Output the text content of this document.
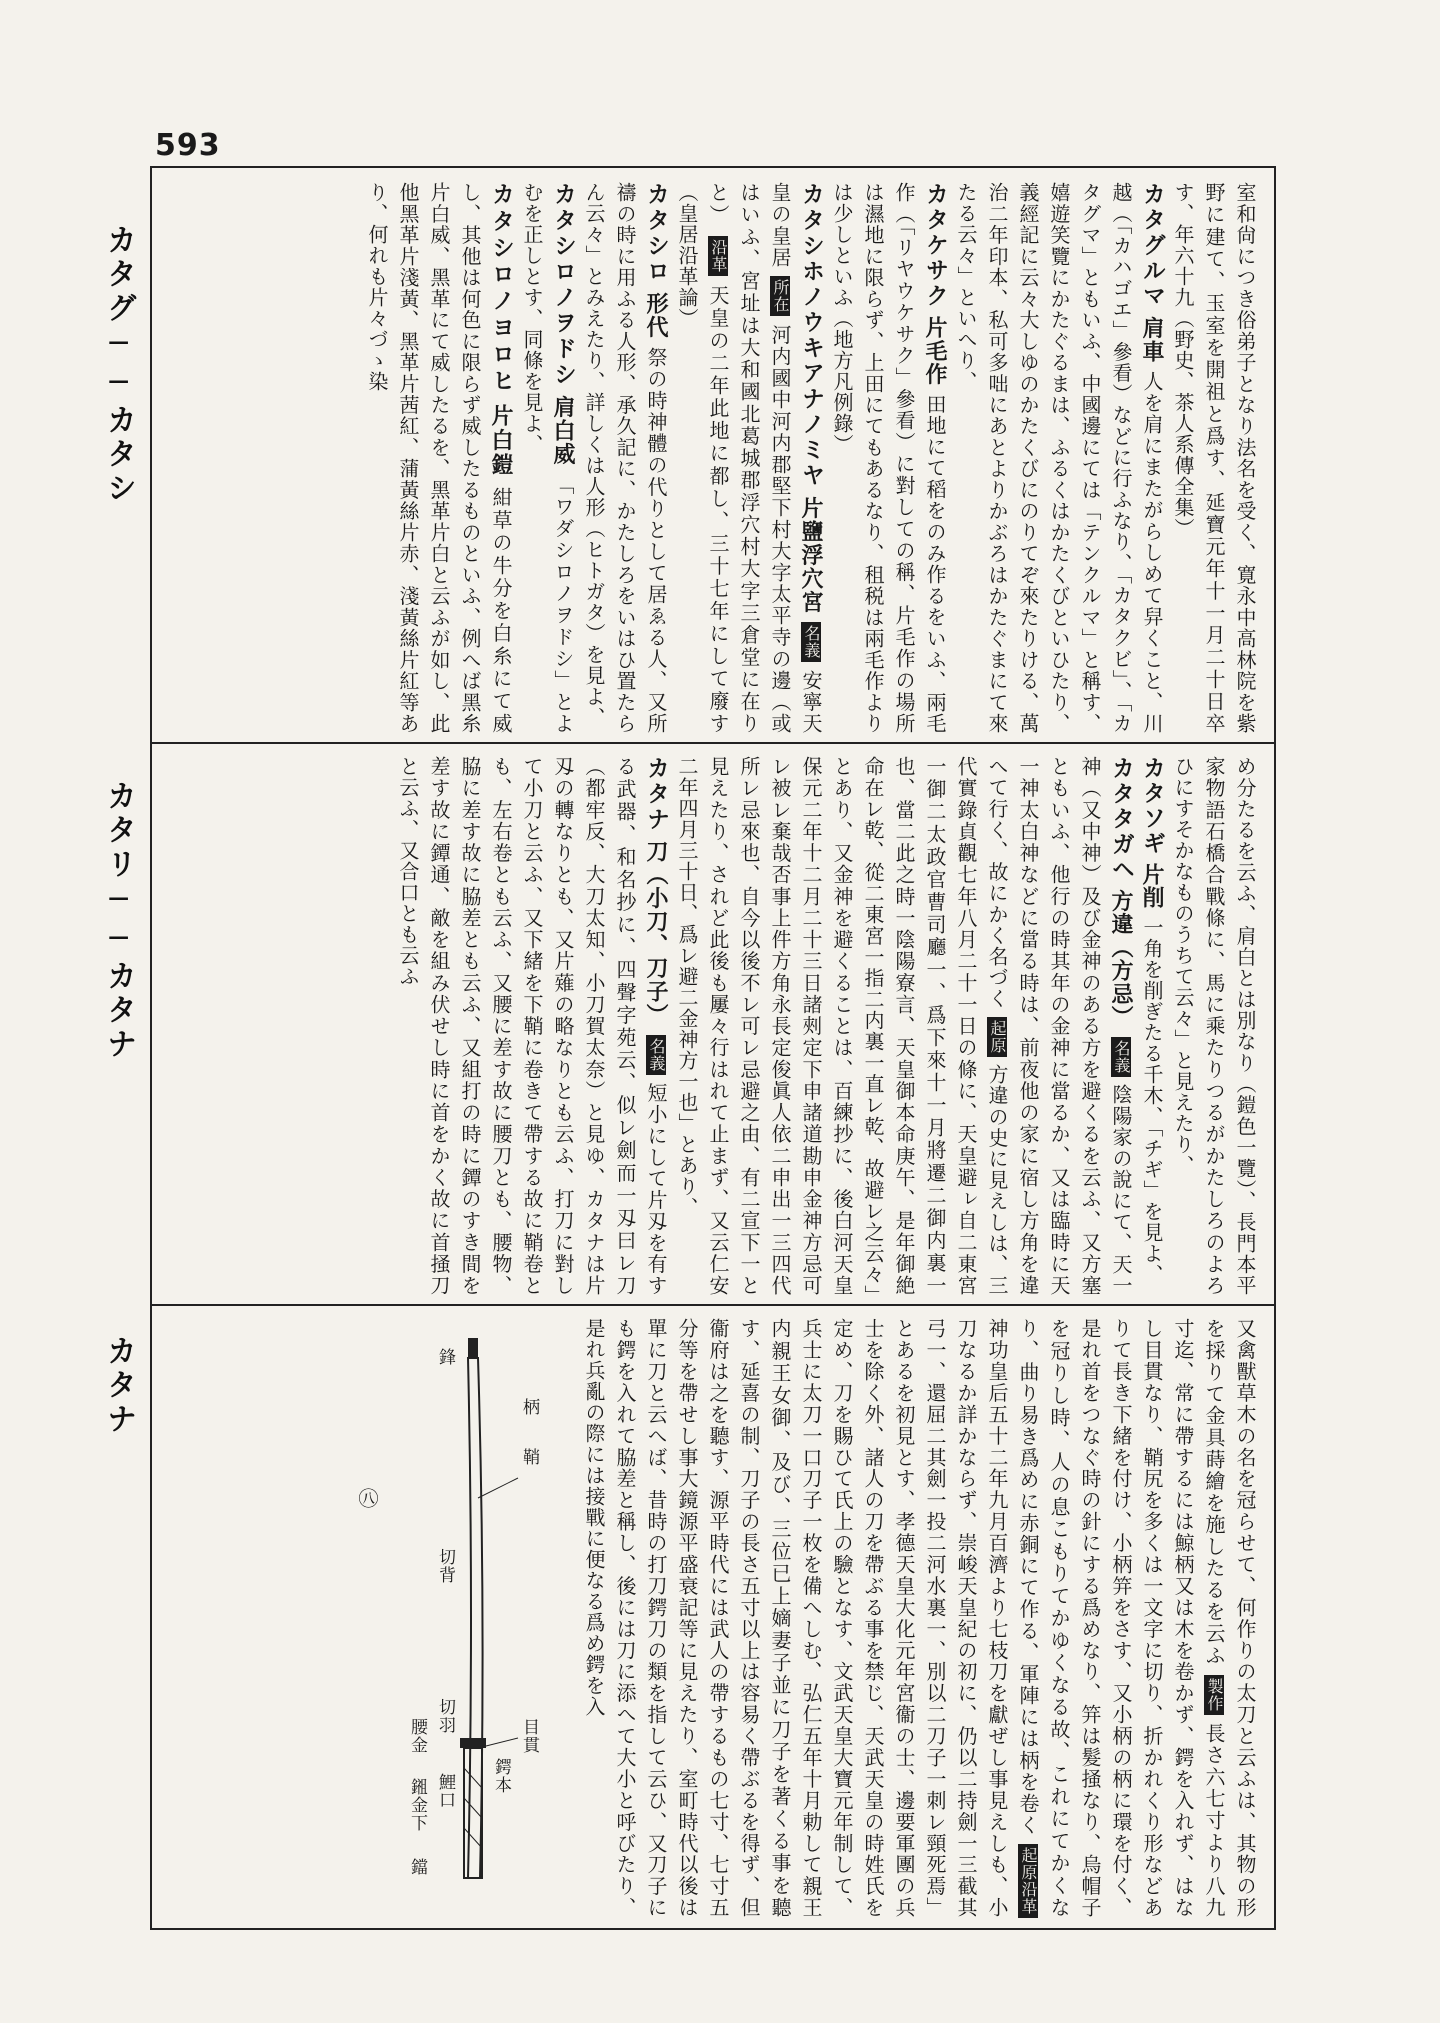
593
カタグ──カタシ
カタリ──カタナ
カタナ

室和尙につき俗弟子となり法名を受く、寛永中高林院を紫野に建て、玉室を開祖と爲す、延寶元年十一月二十日卒す、年六十九（野史、茶人系傳全集）

カタグルマ 肩車 人を肩にまたがらしめて舁くこと、川越（「カハゴエ」參看）などに行ふなり、「カタクビ」、「カタグマ」ともいふ、中國邊にては「テンクルマ」と稱す、嬉遊笑覽にかたぐるまは、ふるくはかたくびといひたり、義經記に云々大しゆのかたくびにのりてぞ來たりける、萬治二年印本、私可多咄にあとよりかぶろはかたぐまにて來たる云々」といへり、

カタケサク 片毛作 田地にて稻をのみ作るをいふ、兩毛作（「リヤウケサク」參看）に對しての稱、片毛作の場所は濕地に限らず、上田にてもあるなり、租税は兩毛作よりは少しといふ（地方凡例錄）

カタシホノウキアナノミヤ 片鹽浮穴宮 名義 安寧天皇の皇居 所在 河内國中河内郡堅下村大字太平寺の邊（或はいふ、宮址は大和國北葛城郡浮穴村大字三倉堂に在りと） 沿革 天皇の二年此地に都し、三十七年にして廢す（皇居沿革論）

カタシロ 形代 祭の時神體の代りとして居ゑる人、又所禱の時に用ふる人形、承久記に、かたしろをいはひ置たらん云々」とみえたり、詳しくは人形（ヒトガタ）を見よ、

カタシロノヲドシ 肩白威 「ワダシロノヲドシ」とよむを正しとす、同條を見よ、

カタシロノヨロヒ 片白鎧 紺草の牛分を白糸にて威し、其他は何色に限らず威したるものといふ、例へば黑糸片白威、黑革にて威したるを、黑革片白と云ふが如し、此他黑革片淺黃、黑革片茜紅、蒲黃絲片赤、淺黃絲片紅等あり、何れも片々づゝ染

め分たるを云ふ、肩白とは別なり（鎧色一覽）、長門本平家物語石橋合戰條に、馬に乘たりつるがかたしろのよろひにすそかなものうちて云々」と見えたり、

カタソギ 片削 一角を削ぎたる千木、「チギ」を見よ、

カタタガヘ 方違（方忌） 名義 陰陽家の說にて、天一神（又中神）及び金神のある方を避くるを云ふ、又方塞ともいふ、他行の時其年の金神に當るか、又は臨時に天一神太白神などに當る時は、前夜他の家に宿し方角を違へて行く、故にかく名づく 起原 方違の史に見えしは、三代實錄貞觀七年八月二十一日の條に、天皇避ㇾ自二東宮一御二太政官曹司廳一、爲下來十一月將遷二御内裏一也、當二此之時一陰陽寮言、天皇御本命庚午、是年御絶命在レ乾、從二東宮一指二内裏一直レ乾、故避レ之云々」とあり、又金神を避くることは、百練抄に、後白河天皇保元二年十二月二十三日諸㓨定下申諸道勘申金神方忌可レ被レ棄哉否事上件方角永長定俊眞人依二申出一三四代所レ忌來也、自今以後不レ可レ忌避之由、有二宣下一と見えたり、されど此後も屢々行はれて止まず、又云仁安二年四月三十日、爲レ避二金神方一也」とあり、

カタナ 刀（小刀、刀子） 名義 短小にして片刄を有する武器、和名抄に、四聲字苑云、似レ劍而一刄曰レ刀（都牢反、大刀太知、小刀賀太奈）と見ゆ、カタナは片刄の轉なりとも、又片薙の略なりとも云ふ、打刀に對して小刀と云ふ、又下緒を下鞘に卷きて帶する故に鞘卷とも、左右卷とも云ふ、又腰に差す故に腰刀とも、腰物、脇に差す故に脇差とも云ふ、又組打の時に鐔のすき間を差す故に鐔通、敵を組み伏せし時に首をかく故に首掻刀と云ふ、又合口とも云ふ

又禽獸草木の名を冠らせて、何作りの太刀と云ふは、其物の形を採りて金具蒔繪を施したるを云ふ 製作 長さ六七寸より八九寸迄、常に帶するには鯨柄又は木を卷かず、鍔を入れず、はなし目貫なり、鞘尻を多くは一文字に切り、折かれくり形などありて長き下緒を付け、小柄笄をさす、又小柄の柄に環を付く、是れ首をつなぐ時の針にする爲めなり、笄は髮掻なり、烏帽子を冠りし時、人の息こもりてかゆくなる故、これにてかくなり、曲り易き爲めに赤銅にて作る、軍陣には柄を卷く 起原沿革 神功皇后五十二年九月百濟より七枝刀を獻ぜし事見えしも、小刀なるか詳かならず、崇峻天皇紀の初に、仍以二持劍一三截其弓一、還屈二其劍一投二河水裏一、別以二刀子一刺レ頸死焉」とあるを初見とす、孝德天皇大化元年宮衞の士、邊要軍團の兵士を除く外、諸人の刀を帶ぶる事を禁じ、天武天皇の時姓氏を定め、刀を賜ひて氏上の驗となす、文武天皇大寶元年制して、兵士に太刀一口刀子一枚を備へしむ、弘仁五年十月勅して親王内親王女御、及び、三位已上嫡妻子並に刀子を著くる事を聽す、延喜の制、刀子の長さ五寸以上は容易く帶ぶるを得ず、但衞府は之を聽す、源平時代には武人の帶するもの七寸、七寸五分等を帶せし事大鏡源平盛衰記等に見えたり、室町時代以後は單に刀と云へば、昔時の打刀鍔刀の類を指して云ひ、又刀子にも鍔を入れて脇差と稱し、後には刀に添へて大小と呼びたり、是れ兵亂の際には接戰に便なる爲め鍔を入

柄
鞘
目貫
鍔本
鯉口
切羽
鋒
切背
鐺
鎺金下
腰金
㊇
